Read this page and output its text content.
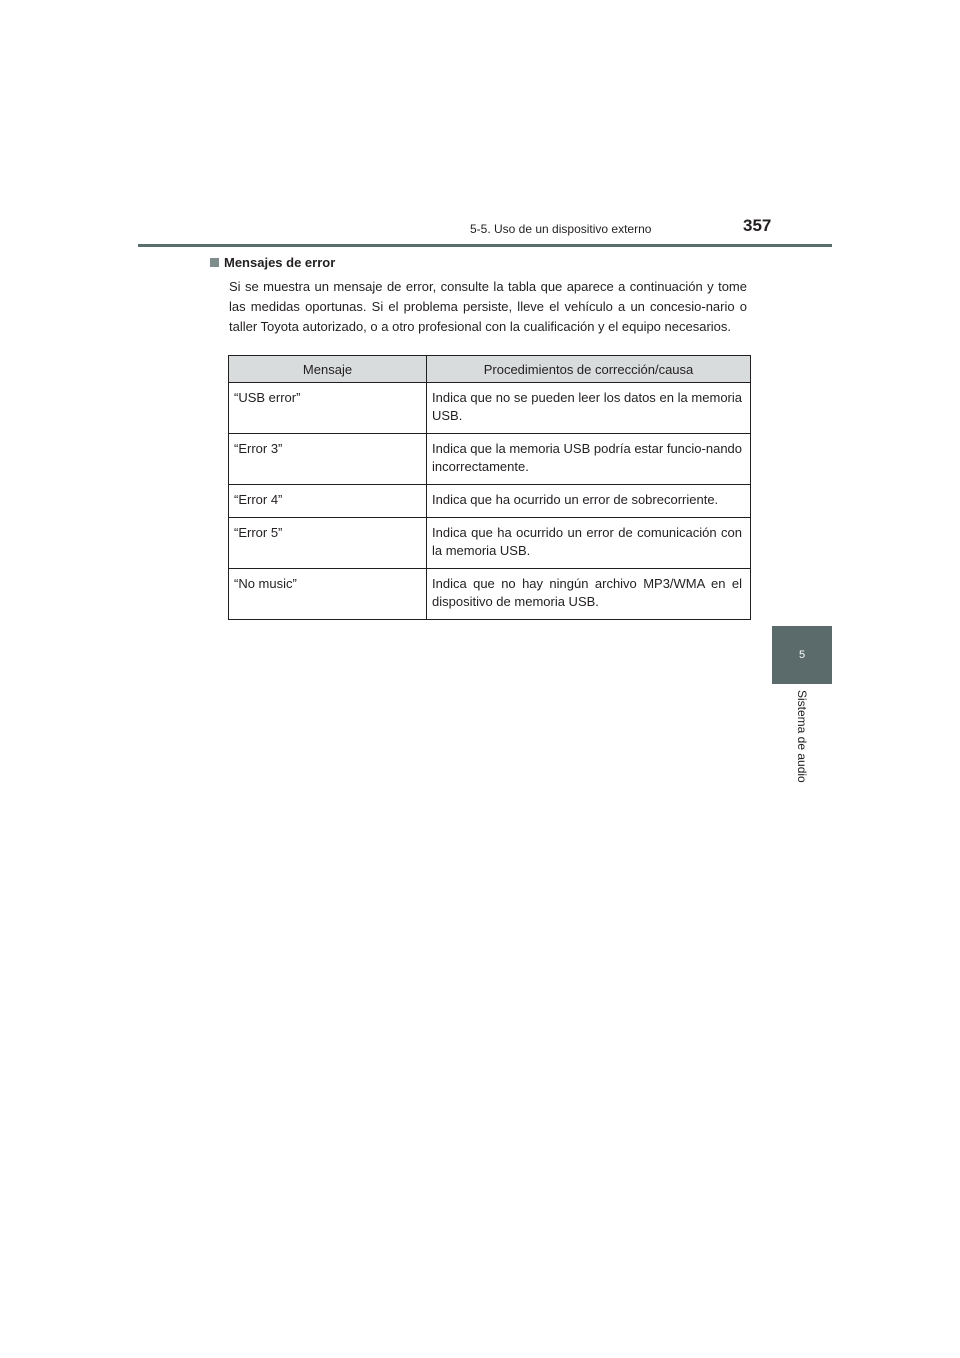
5-5. Uso de un dispositivo externo	357
Mensajes de error
Si se muestra un mensaje de error, consulte la tabla que aparece a continuación y tome las medidas oportunas. Si el problema persiste, lleve el vehículo a un concesio-nario o taller Toyota autorizado, o a otro profesional con la cualificación y el equipo necesarios.
Mensaje	Procedimientos de corrección/causa
“USB error”	Indica que no se pueden leer los datos en la memoria USB.
“Error 3”	Indica que la memoria USB podría estar funcio-nando incorrectamente.
“Error 4”	Indica que ha ocurrido un error de sobrecorriente.
“Error 5”	Indica que ha ocurrido un error de comunicación con la memoria USB.
“No music”	Indica que no hay ningún archivo MP3/WMA en el dispositivo de memoria USB.
5
Sistema de audio
